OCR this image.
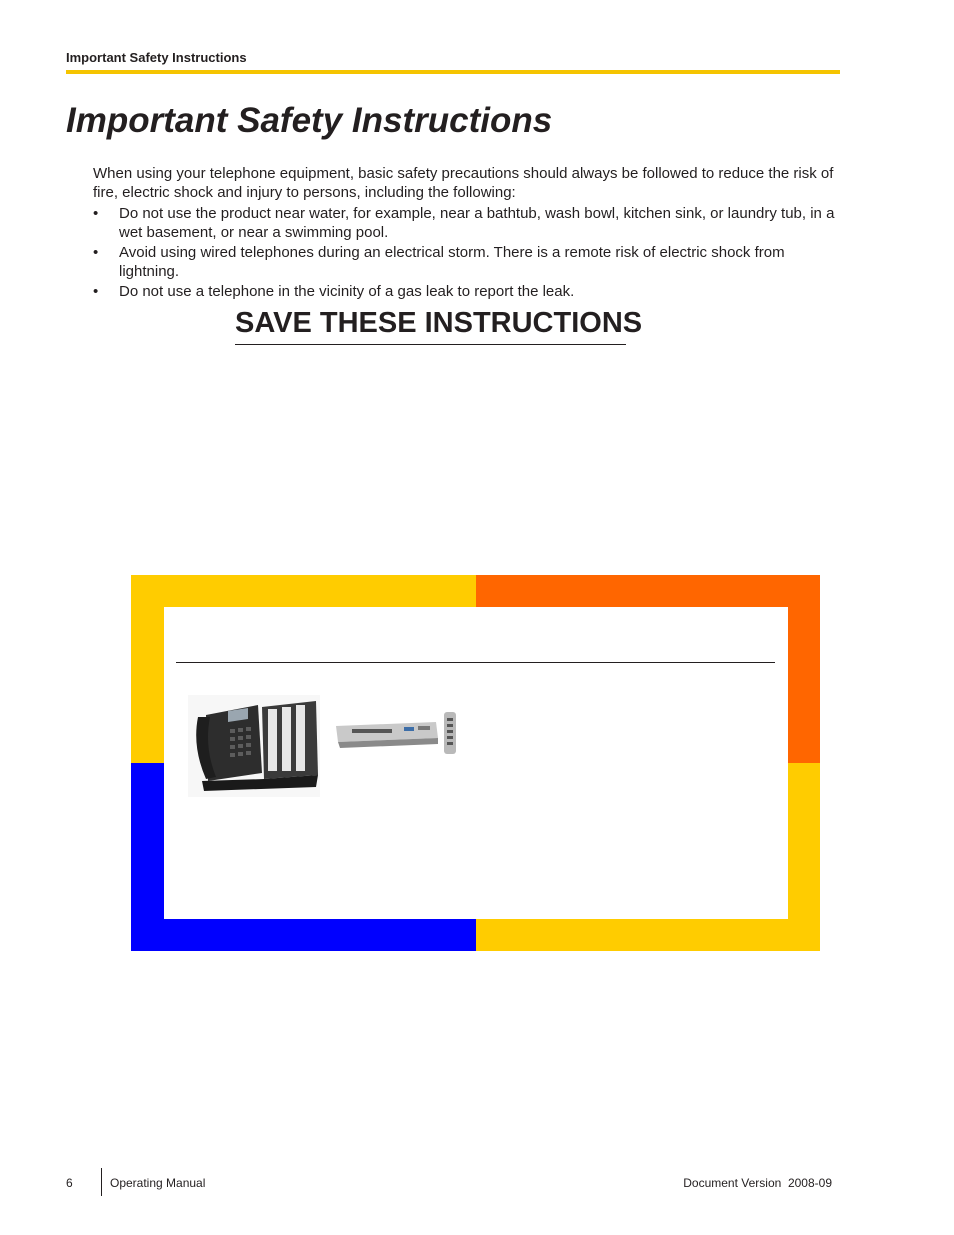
Important Safety Instructions
Important Safety Instructions

When using your telephone equipment, basic safety precautions should always be followed to reduce the risk of fire, electric shock and injury to persons, including the following:

• Do not use the product near water, for example, near a bathtub, wash bowl, kitchen sink, or laundry tub, in a wet basement, or near a swimming pool.
• Avoid using wired telephones during an electrical storm. There is a remote risk of electric shock from lightning.
• Do not use a telephone in the vicinity of a gas leak to report the leak.
SAVE THESE INSTRUCTIONS
6	Operating Manual	Document Version  2008-09
